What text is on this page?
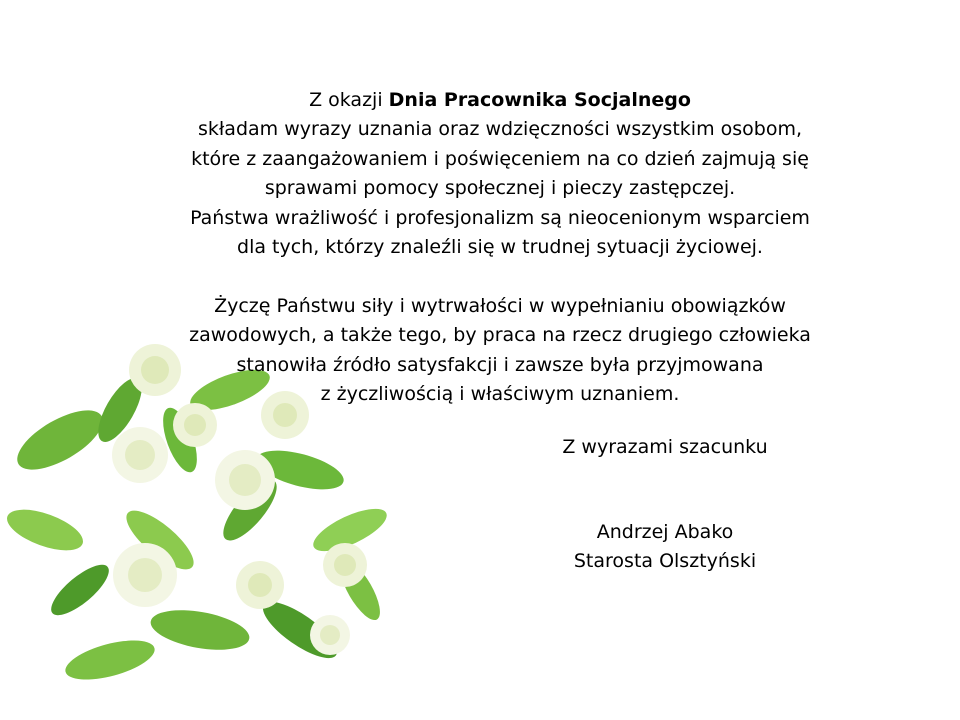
Z okazji Dnia Pracownika Socjalnego

składam wyrazy uznania oraz wdzięczności wszystkim osobom,

które z zaangażowaniem i poświęceniem na co dzień zajmują się

sprawami pomocy społecznej i pieczy zastępczej.

Państwa wrażliwość i profesjonalizm są nieocenionym wsparciem

dla tych, którzy znaleźli się w trudnej sytuacji życiowej.

Życzę Państwu siły i wytrwałości w wypełnianiu obowiązków

zawodowych, a także tego, by praca na rzecz drugiego człowieka

stanowiła źródło satysfakcji i zawsze była przyjmowana

z życzliwością i właściwym uznaniem.

Z wyrazami szacunku
Andrzej Abako
Starosta Olsztyński
